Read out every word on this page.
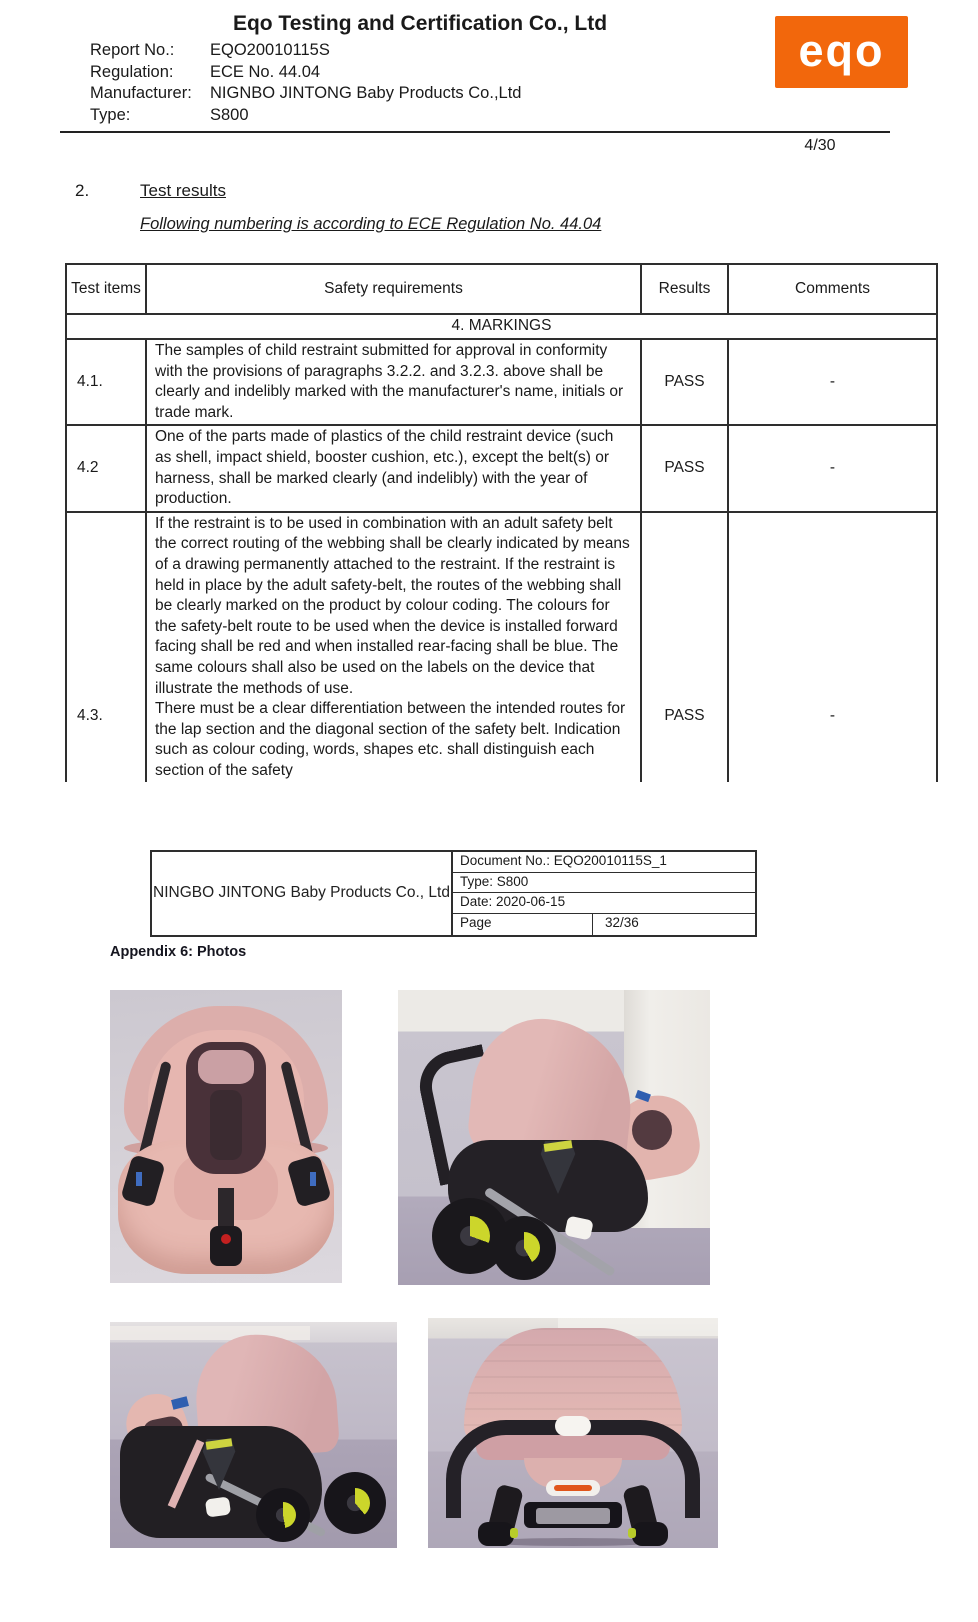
Eqo Testing and Certification Co., Ltd
Report No.:	EQO20010115S
Regulation:	ECE No. 44.04
Manufacturer:	NIGNBO JINTONG Baby Products Co.,Ltd
Type:	S800
eqo
4/30
2.	Test results
Following numbering is according to ECE Regulation No. 44.04
Test items	Safety requirements	Results	Comments
4. MARKINGS			
4.1.	The samples of child restraint submitted for approval in conformity with the provisions of paragraphs 3.2.2. and 3.2.3. above shall be clearly and indelibly marked with the manufacturer's name, initials or trade mark.	PASS	-
4.2	One of the parts made of plastics of the child restraint device (such as shell, impact shield, booster cushion, etc.), except the belt(s) or harness, shall be marked clearly (and indelibly) with the year of production.	PASS	-
4.3.	If the restraint is to be used in combination with an adult safety belt the correct routing of the webbing shall be clearly indicated by means of a drawing permanently attached to the restraint. If the restraint is held in place by the adult safety-belt, the routes of the webbing shall be clearly marked on the product by colour coding. The colours for the safety-belt route to be used when the device is installed forward facing shall be red and when installed rear-facing shall be blue. The same colours shall also be used on the labels on the device that illustrate the methods of use.

There must be a clear differentiation between the intended routes for the lap section and the diagonal section of the safety belt. Indication such as colour coding, words, shapes etc. shall distinguish each section of the safety	PASS	-
NINGBO JINTONG Baby Products Co., Ltd
Document No.: EQO20010115S_1
Type: S800
Date: 2020-06-15
Page	32/36
Appendix 6: Photos
